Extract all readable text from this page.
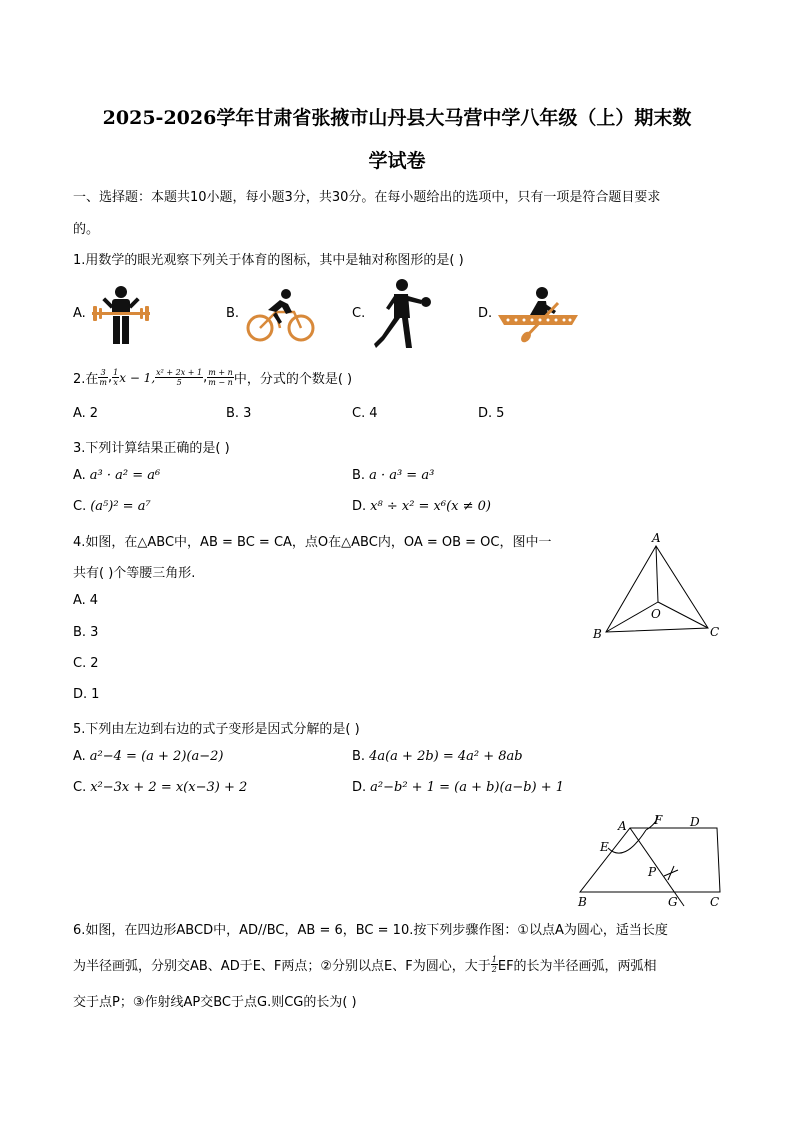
2025-2026学年甘肃省张掖市山丹县大马营中学八年级（上）期末数
学试卷
一、选择题：本题共10小题，每小题3分，共30分。在每小题给出的选项中，只有一项是符合题目要求
的。
1.用数学的眼光观察下列关于体育的图标，其中是轴对称图形的是( )
A.	B.	C.	D.
2.在 $\frac{3}{m}$ , $\frac{1}{x}$ x − 1, $\frac{\text{x² + 2x + 1}}{5}$ , $\frac{m + n}{m - n}$ 中，分式的个数是( )
A. 2	B. 3	C. 4	D. 5
3.下列计算结果正确的是( )
A. a³ · a² = a⁶	B. a · a³ = a³
C. (a⁵)² = a⁷	D. x⁸ ÷ x² = x⁶(x ≠ 0)
4.如图，在△ABC中，AB = BC = CA，点O在△ABC内，OA = OB = OC，图中一
共有( )个等腰三角形.
A. 4
B. 3
C. 2
D. 1
A
B	C
O
5.下列由左边到右边的式子变形是因式分解的是( )
A. a²−4 = (a + 2)(a−2)	B. 4a(a + 2b) = 4a² + 8ab
C. x²−3x + 2 = x(x−3) + 2	D. a²−b² + 1 = (a + b)(a−b) + 1
A F D
E
P
B	G	C
6.如图，在四边形ABCD中，AD//BC，AB = 6，BC = 10.按下列步骤作图：①以点A为圆心，适当长度
为半径画弧，分别交AB、AD于E、F两点；②分别以点E、F为圆心，大于 $\frac{1}{2}$ EF的长为半径画弧，两弧相
交于点P；③作射线AP交BC于点G.则CG的长为( )
